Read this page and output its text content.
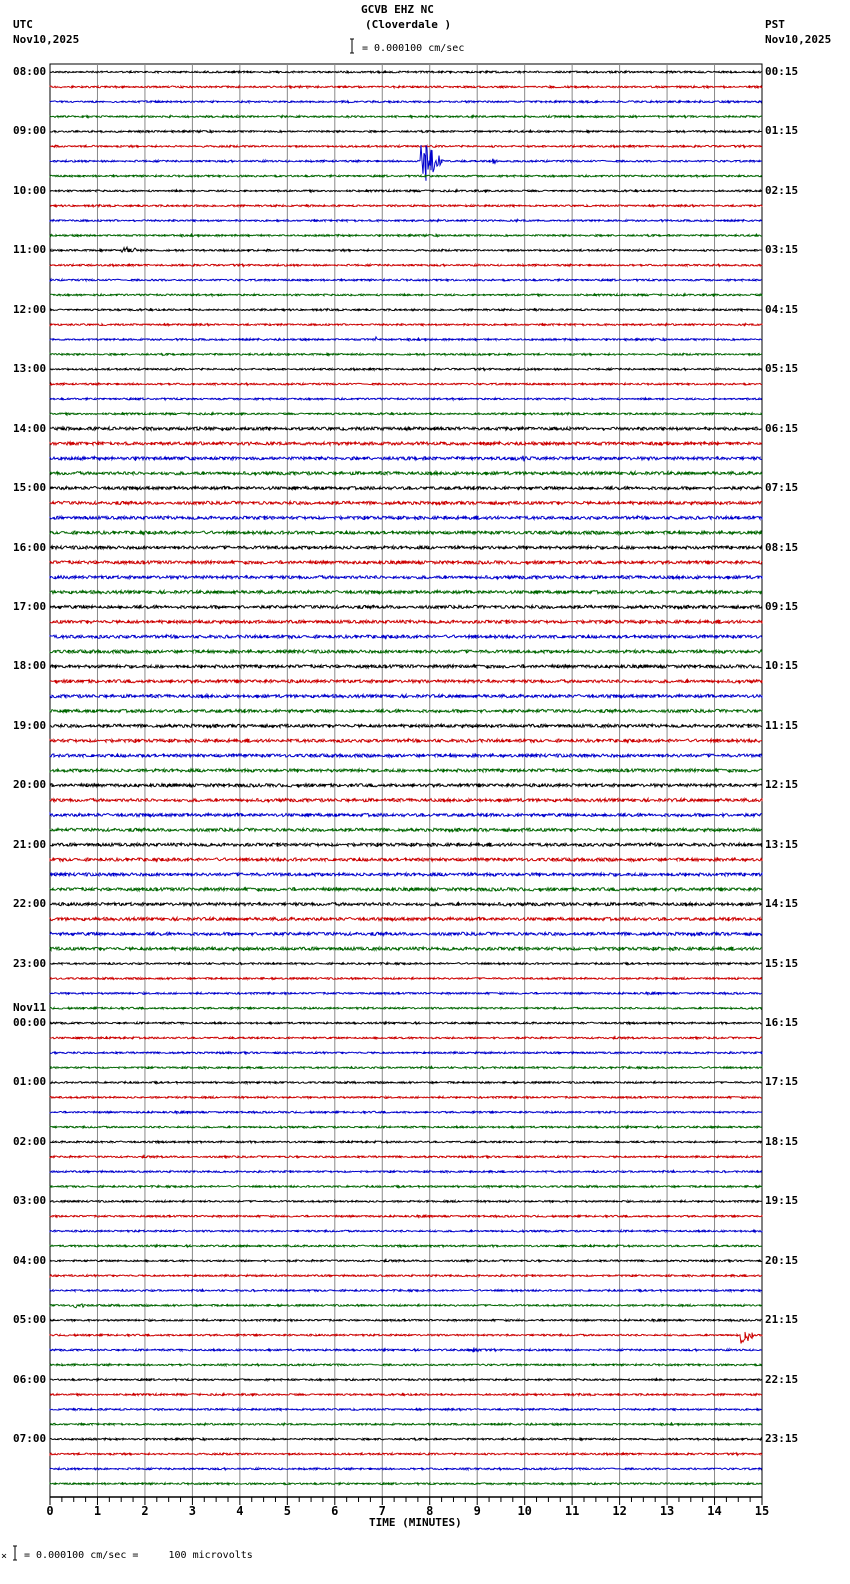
GCVB EHZ NC
(Cloverdale )
UTC
Nov10,2025
PST
Nov10,2025
= 0.000100 cm/sec
TIME (MINUTES)
× = 0.000100 cm/sec =     100 microvolts
0	1	2	3	4	5	6	7	8	9	10	11	12	13	14	15
08:00	00:15
09:00	01:15
10:00	02:15
11:00	03:15
12:00	04:15
13:00	05:15
14:00	06:15
15:00	07:15
16:00	08:15
17:00	09:15
18:00	10:15
19:00	11:15
20:00	12:15
21:00	13:15
22:00	14:15
23:00	15:15
00:00	16:15
01:00	17:15
02:00	18:15
03:00	19:15
04:00	20:15
05:00	21:15
06:00	22:15
07:00	23:15
Nov11
